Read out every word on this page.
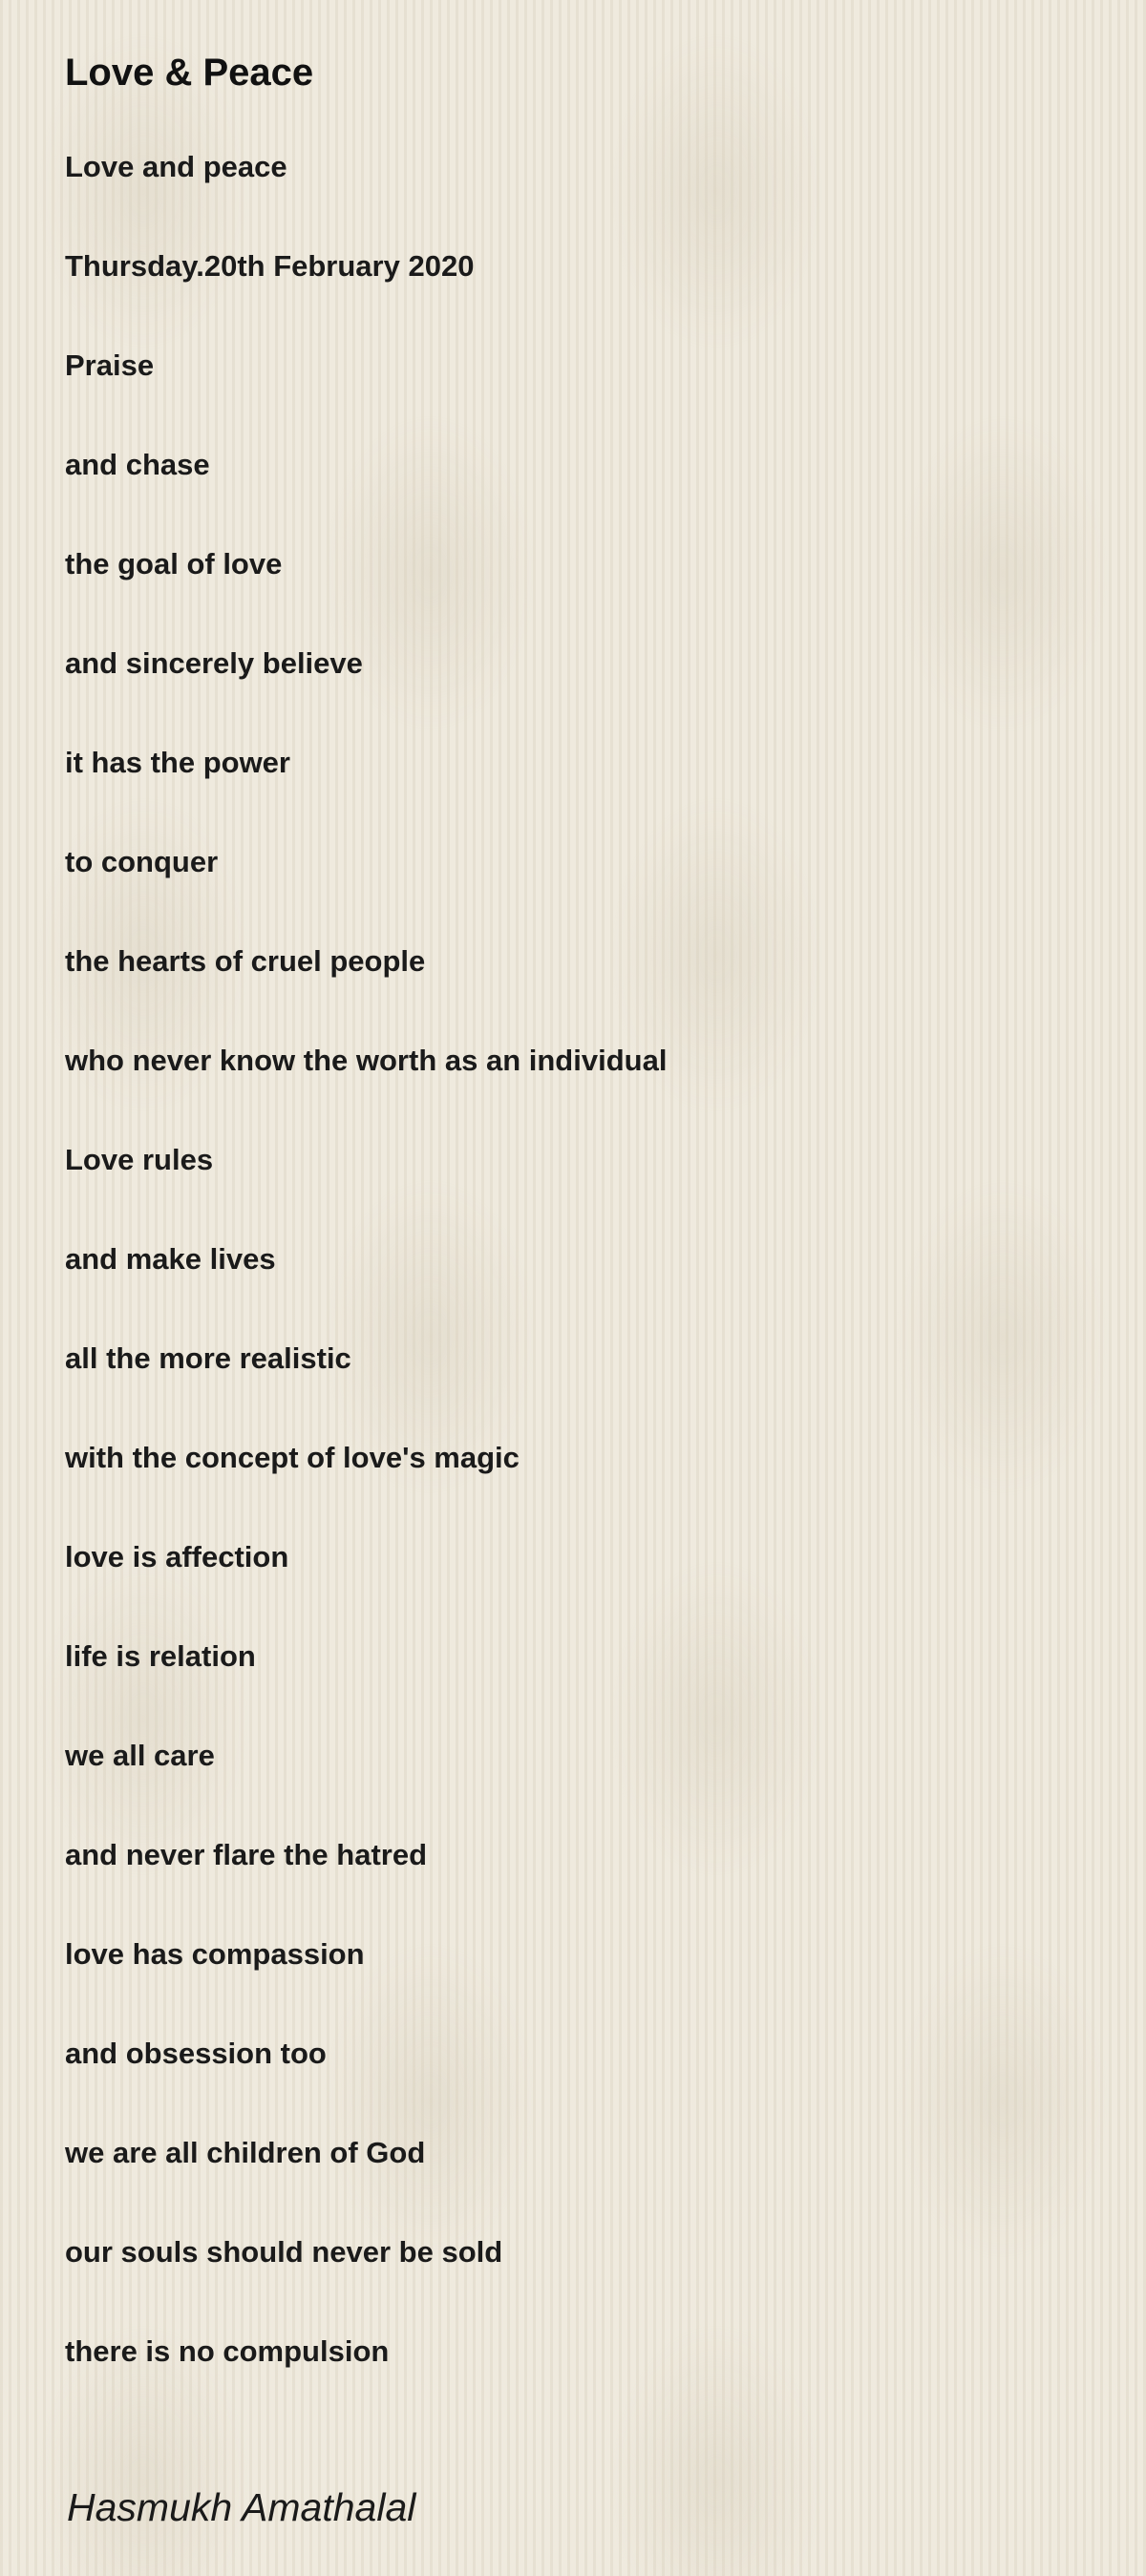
Love & Peace
Love and peace
Thursday.20th February 2020
Praise
and chase
the goal of love
and sincerely believe
it has the power
to conquer
the hearts of cruel people
who never know the worth as an individual
Love rules
and make lives
all the more realistic
with the concept of love's magic
love is affection
life is relation
we all care
and never flare the hatred
love has compassion
and obsession too
we are all children of God
our souls should never be sold
there is no compulsion
Hasmukh Amathalal
